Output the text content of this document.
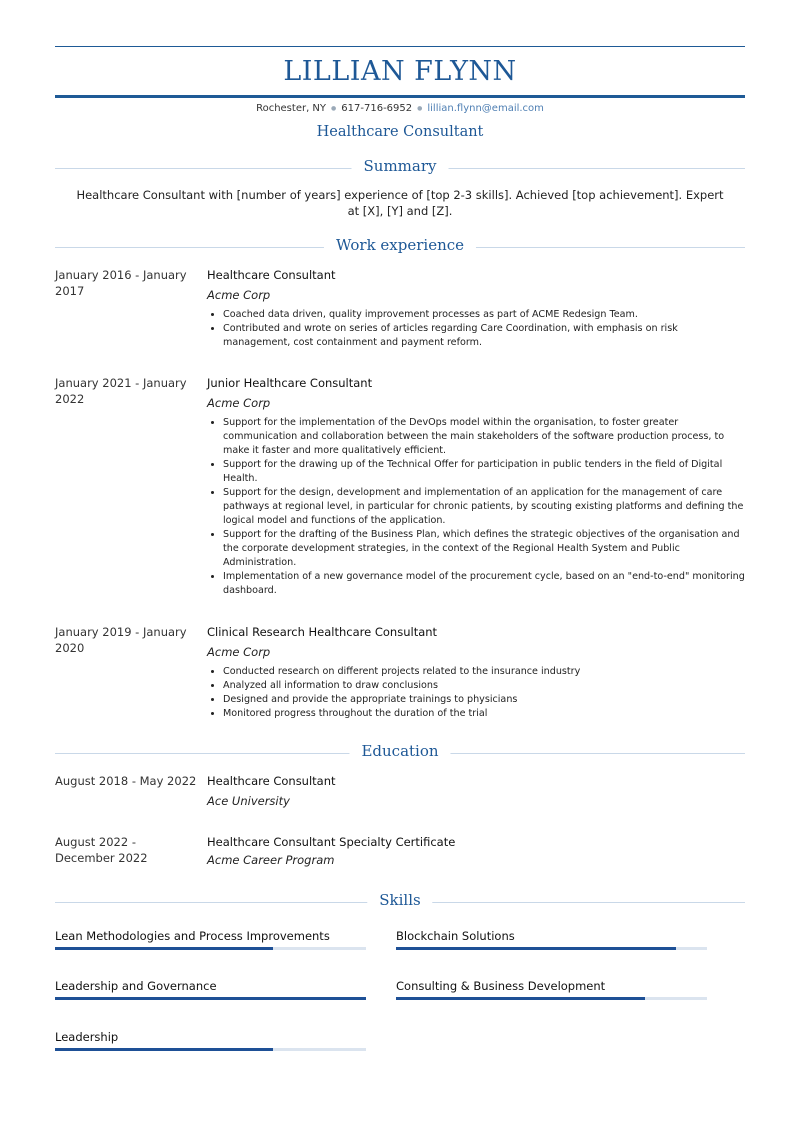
LILLIAN FLYNN
Rochester, NY ● 617-716-6952 ● lillian.flynn@email.com
Healthcare Consultant
Summary
Healthcare Consultant with [number of years] experience of [top 2-3 skills]. Achieved [top achievement]. Expert at [X], [Y] and [Z].
Work experience
January 2016 - January 2017
Healthcare Consultant
Acme Corp
• Coached data driven, quality improvement processes as part of ACME Redesign Team.
• Contributed and wrote on series of articles regarding Care Coordination, with emphasis on risk management, cost containment and payment reform.
January 2021 - January 2022
Junior Healthcare Consultant
Acme Corp
• Support for the implementation of the DevOps model within the organisation, to foster greater communication and collaboration between the main stakeholders of the software production process, to make it faster and more qualitatively efficient.
• Support for the drawing up of the Technical Offer for participation in public tenders in the field of Digital Health.
• Support for the design, development and implementation of an application for the management of care pathways at regional level, in particular for chronic patients, by scouting existing platforms and defining the logical model and functions of the application.
• Support for the drafting of the Business Plan, which defines the strategic objectives of the organisation and the corporate development strategies, in the context of the Regional Health System and Public Administration.
• Implementation of a new governance model of the procurement cycle, based on an "end-to-end" monitoring dashboard.
January 2019 - January 2020
Clinical Research Healthcare Consultant
Acme Corp
• Conducted research on different projects related to the insurance industry
• Analyzed all information to draw conclusions
• Designed and provide the appropriate trainings to physicians
• Monitored progress throughout the duration of the trial
Education
August 2018 - May 2022 Healthcare Consultant
Ace University
August 2022 - December 2022
Healthcare Consultant Specialty Certificate
Acme Career Program
Skills
Lean Methodologies and Process Improvements	Blockchain Solutions
Leadership and Governance	Consulting & Business Development
Leadership
